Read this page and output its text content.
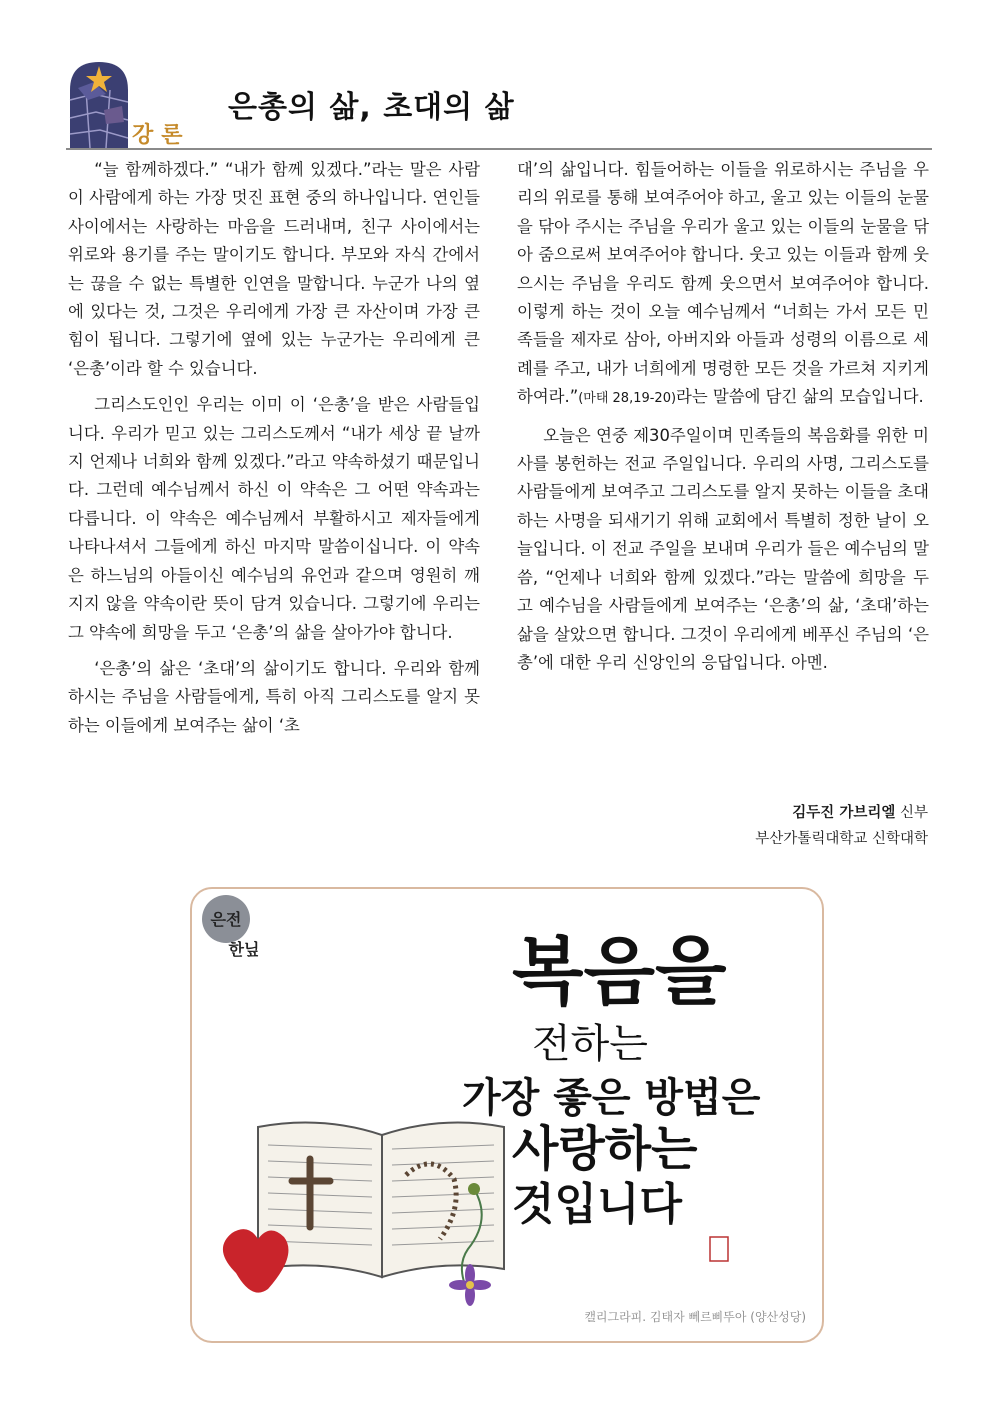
강론
은총의 삶, 초대의 삶

“늘 함께하겠다.” “내가 함께 있겠다.”라는 말은 사람이 사람에게 하는 가장 멋진 표현 중의 하나입니다. 연인들 사이에서는 사랑하는 마음을 드러내며, 친구 사이에서는 위로와 용기를 주는 말이기도 합니다. 부모와 자식 간에서는 끊을 수 없는 특별한 인연을 말합니다. 누군가 나의 옆에 있다는 것, 그것은 우리에게 가장 큰 자산이며 가장 큰 힘이 됩니다. 그렇기에 옆에 있는 누군가는 우리에게 큰 ‘은총’이라 할 수 있습니다.

그리스도인인 우리는 이미 이 ‘은총’을 받은 사람들입니다. 우리가 믿고 있는 그리스도께서 “내가 세상 끝 날까지 언제나 너희와 함께 있겠다.”라고 약속하셨기 때문입니다. 그런데 예수님께서 하신 이 약속은 그 어떤 약속과는 다릅니다. 이 약속은 예수님께서 부활하시고 제자들에게 나타나셔서 그들에게 하신 마지막 말씀이십니다. 이 약속은 하느님의 아들이신 예수님의 유언과 같으며 영원히 깨지지 않을 약속이란 뜻이 담겨 있습니다. 그렇기에 우리는 그 약속에 희망을 두고 ‘은총’의 삶을 살아가야 합니다.

‘은총’의 삶은 ‘초대’의 삶이기도 합니다. 우리와 함께하시는 주님을 사람들에게, 특히 아직 그리스도를 알지 못하는 이들에게 보여주는 삶이 ‘초

대’의 삶입니다. 힘들어하는 이들을 위로하시는 주님을 우리의 위로를 통해 보여주어야 하고, 울고 있는 이들의 눈물을 닦아 주시는 주님을 우리가 울고 있는 이들의 눈물을 닦아 줌으로써 보여주어야 합니다. 웃고 있는 이들과 함께 웃으시는 주님을 우리도 함께 웃으면서 보여주어야 합니다. 이렇게 하는 것이 오늘 예수님께서 “너희는 가서 모든 민족들을 제자로 삼아, 아버지와 아들과 성령의 이름으로 세례를 주고, 내가 너희에게 명령한 모든 것을 가르쳐 지키게 하여라.”(마태 28,19-20)라는 말씀에 담긴 삶의 모습입니다.

오늘은 연중 제30주일이며 민족들의 복음화를 위한 미사를 봉헌하는 전교 주일입니다. 우리의 사명, 그리스도를 사람들에게 보여주고 그리스도를 알지 못하는 이들을 초대하는 사명을 되새기기 위해 교회에서 특별히 정한 날이 오늘입니다. 이 전교 주일을 보내며 우리가 들은 예수님의 말씀, “언제나 너희와 함께 있겠다.”라는 말씀에 희망을 두고 예수님을 사람들에게 보여주는 ‘은총’의 삶, ‘초대’하는 삶을 살았으면 합니다. 그것이 우리에게 베푸신 주님의 ‘은총’에 대한 우리 신앙인의 응답입니다. 아멘.

김두진 가브리엘 신부
부산가톨릭대학교 신학대학
은전
한닢	복음을
전하는
가장 좋은 방법은
사랑하는
것입니다
캘리그라피. 김태자 뻬르삐뚜아 (양산성당)
